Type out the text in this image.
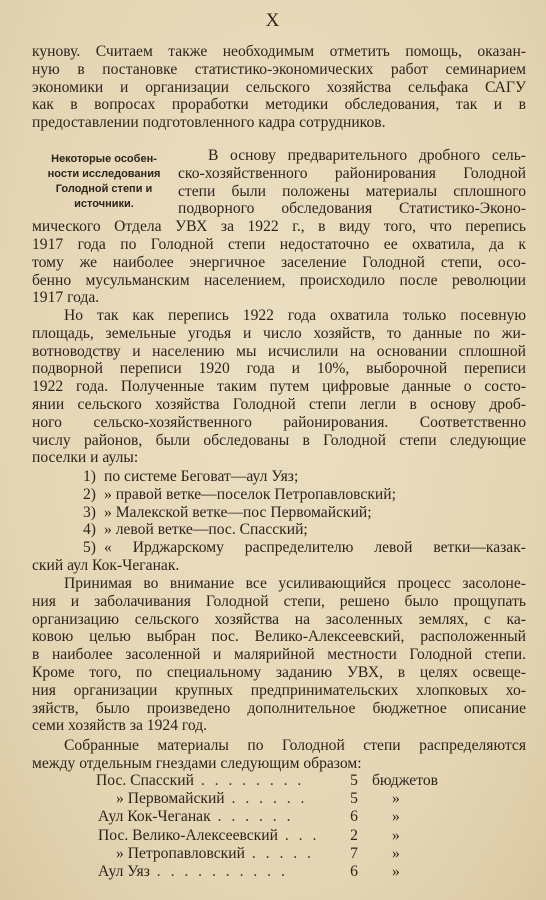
X
кунову. Считаем также необходимым отметить помощь, оказан-
ную в постановке статистико-экономических работ семинарием
экономики и организации сельского хозяйства сельфака САГУ
как в вопросах проработки методики обследования, так и в
предоставлении подготовленного кадра сотрудников.
Некоторые особен-
ности исследования
Голодной степи и
источники.
В основу предварительного дробного сель-
ско-хозяйственного районирования Голодной
степи были положены материалы сплошного
подворного обследования Статистико-Эконо-
мического Отдела УВХ за 1922 г., в виду того, что перепись
1917 года по Голодной степи недостаточно ее охватила, да к
тому же наиболее энергичное заселение Голодной степи, осо-
бенно мусульманским населением, происходило после революции
1917 года.
Но так как перепись 1922 года охватила только посевную
площадь, земельные угодья и число хозяйств, то данные по жи-
вотноводству и населению мы исчислили на основании сплошной
подворной переписи 1920 года и 10%, выборочной переписи
1922 года. Полученные таким путем цифровые данные о состо-
янии сельского хозяйства Голодной степи легли в основу дроб-
ного сельско-хозяйственного районирования. Соответственно
числу районов, были обследованы в Голодной степи следующие
поселки и аулы:
1) по системе Беговат—аул Уяз;
2) » правой ветке—поселок Петропавловский;
3) » Малекской ветке—пос Первомайский;
4) » левой ветке—пос. Спасский;
5) « Ирджарскому распределителю левой ветки—казак-
ский аул Кок-Чеганак.
Принимая во внимание все усиливающийся процесс засолоне-
ния и заболачивания Голодной степи, решено было прощупать
организацию сельского хозяйства на засоленных землях, с ка-
ковою целью выбран пос. Велико-Алексеевский, расположенный
в наиболее засоленной и малярийной местности Голодной степи.
Кроме того, по специальному заданию УВХ, в целях освеще-
ния организации крупных предпринимательских хлопковых хо-
зяйств, было произведено дополнительное бюджетное описание
семи хозяйств за 1924 год.
Собранные материалы по Голодной степи распределяются
между отдельным гнездами следующим образом:
Пос. Спасский . . . . . . . .	5 бюджетов
» Первомайский . . . . . .	5	»
Аул Кок-Чеганак . . . . . .	6	»
Пос. Велико-Алексеевский . . .	2	»
» Петропавловский . . . . .	7	»
Аул Уяз . . . . . . . . . .	6	»
